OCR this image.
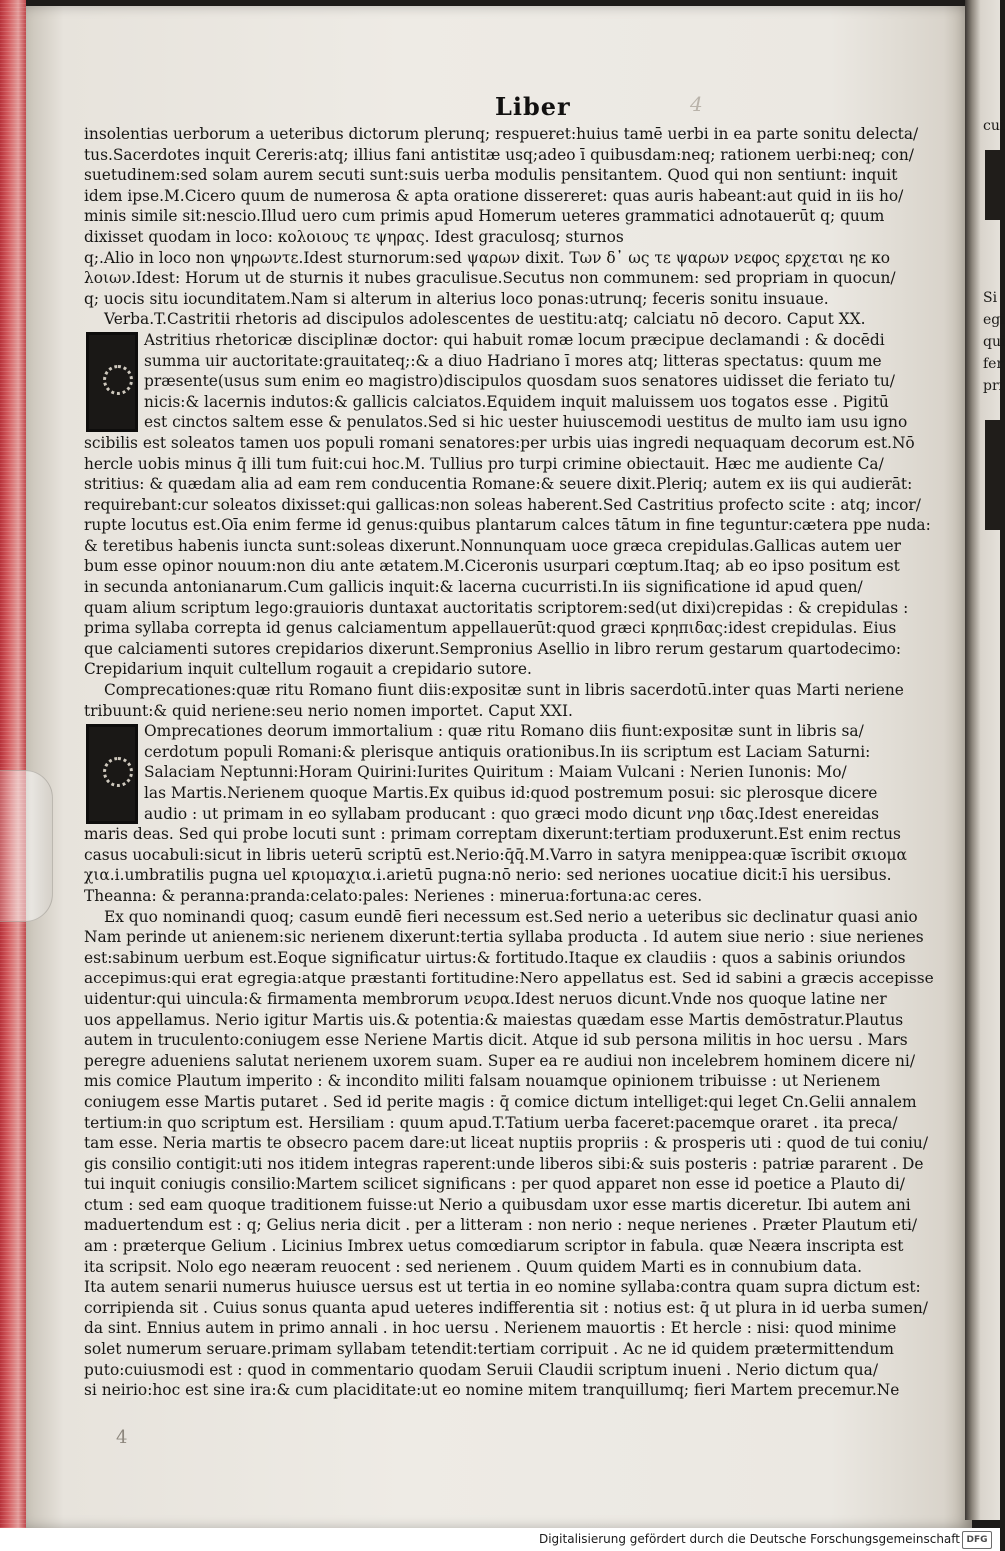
cui
Si
egi
qui
fer
pri
4
Liber
insolentias uerborum a ueteribus dictorum plerunq; respueret:huius tamē uerbi in ea parte sonitu delecta/
tus.Sacerdotes inquit Cereris:atq; illius fani antistitæ usq;adeo ī quibusdam:neq; rationem uerbi:neq; con/
suetudinem:sed solam aurem secuti sunt:suis uerba modulis pensitantem. Quod qui non sentiunt: inquit
idem ipse.M.Cicero quum de numerosa & apta oratione dissereret: quas auris habeant:aut quid in iis ho/
minis simile sit:nescio.Illud uero cum primis apud Homerum ueteres grammatici adnotauerūt q; quum
dixisset quodam in loco: κολοιους τε ψηρας. Idest graculosq; sturnos
q;.Alio in loco non ψηρωντε.Idest sturnorum:sed ψαρων dixit. Των δ᾽ ως τε ψαρων νεφος ερχεται ηε κο
λοιων.Idest: Horum ut de sturnis it nubes graculisue.Secutus non communem: sed propriam in quocun/
q; uocis situ iocunditatem.Nam si alterum in alterius loco ponas:utrunq; feceris sonitu insuaue.
Verba.T.Castritii rhetoris ad discipulos adolescentes de uestitu:atq; calciatu nō decoro. Caput XX.
Astritius rhetoricæ disciplinæ doctor: qui habuit romæ locum præcipue declamandi : & docēdi
summa uir auctoritate:grauitateq;:& a diuo Hadriano ī mores atq; litteras spectatus: quum me
præsente(usus sum enim eo magistro)discipulos quosdam suos senatores uidisset die feriato tu/
nicis:& lacernis indutos:& gallicis calciatos.Equidem inquit maluissem uos togatos esse . Pigitū
est cinctos saltem esse & penulatos.Sed si hic uester huiuscemodi uestitus de multo iam usu igno
scibilis est soleatos tamen uos populi romani senatores:per urbis uias ingredi nequaquam decorum est.Nō
hercle uobis minus q̄ illi tum fuit:cui hoc.M. Tullius pro turpi crimine obiectauit. Hæc me audiente Ca/
stritius: & quædam alia ad eam rem conducentia Romane:& seuere dixit.Pleriq; autem ex iis qui audierāt:
requirebant:cur soleatos dixisset:qui gallicas:non soleas haberent.Sed Castritius profecto scite : atq; incor/
rupte locutus est.Oīa enim ferme id genus:quibus plantarum calces tātum in fine teguntur:cætera ppe nuda:
& teretibus habenis iuncta sunt:soleas dixerunt.Nonnunquam uoce græca crepidulas.Gallicas autem uer
bum esse opinor nouum:non diu ante ætatem.M.Ciceronis usurpari cœptum.Itaq; ab eo ipso positum est
in secunda antonianarum.Cum gallicis inquit:& lacerna cucurristi.In iis significatione id apud quen/
quam alium scriptum lego:grauioris duntaxat auctoritatis scriptorem:sed(ut dixi)crepidas : & crepidulas :
prima syllaba correpta id genus calciamentum appellauerūt:quod græci κρηπιδας:idest crepidulas. Eius
que calciamenti sutores crepidarios dixerunt.Sempronius Asellio in libro rerum gestarum quartodecimo:
Crepidarium inquit cultellum rogauit a crepidario sutore.
Comprecationes:quæ ritu Romano fiunt diis:expositæ sunt in libris sacerdotū.inter quas Marti neriene
tribuunt:& quid neriene:seu nerio nomen importet. Caput XXI.
Omprecationes deorum immortalium : quæ ritu Romano diis fiunt:expositæ sunt in libris sa/
cerdotum populi Romani:& plerisque antiquis orationibus.In iis scriptum est Laciam Saturni:
Salaciam Neptunni:Horam Quirini:Iurites Quiritum : Maiam Vulcani : Nerien Iunonis: Mo/
las Martis.Nerienem quoque Martis.Ex quibus id:quod postremum posui: sic plerosque dicere
audio : ut primam in eo syllabam producant : quo græci modo dicunt νηρ ιδας.Idest enereidas
maris deas. Sed qui probe locuti sunt : primam correptam dixerunt:tertiam produxerunt.Est enim rectus
casus uocabuli:sicut in libris ueterū scriptū est.Nerio:q̄q̄.M.Varro in satyra menippea:quæ īscribit σκιομα
χια.i.umbratilis pugna uel κριομαχια.i.arietū pugna:nō nerio: sed neriones uocatiue dicit:ī his uersibus.
Theanna: & peranna:pranda:celato:pales: Nerienes : minerua:fortuna:ac ceres.
Ex quo nominandi quoq; casum eundē fieri necessum est.Sed nerio a ueteribus sic declinatur quasi anio
Nam perinde ut anienem:sic nerienem dixerunt:tertia syllaba producta . Id autem siue nerio : siue nerienes
est:sabinum uerbum est.Eoque significatur uirtus:& fortitudo.Itaque ex claudiis : quos a sabinis oriundos
accepimus:qui erat egregia:atque præstanti fortitudine:Nero appellatus est. Sed id sabini a græcis accepisse
uidentur:qui uincula:& firmamenta membrorum νευρα.Idest neruos dicunt.Vnde nos quoque latine ner
uos appellamus. Nerio igitur Martis uis.& potentia:& maiestas quædam esse Martis demōstratur.Plautus
autem in truculento:coniugem esse Neriene Martis dicit. Atque id sub persona militis in hoc uersu . Mars
peregre adueniens salutat nerienem uxorem suam. Super ea re audiui non incelebrem hominem dicere ni/
mis comice Plautum imperito : & incondito militi falsam nouamque opinionem tribuisse : ut Nerienem
coniugem esse Martis putaret . Sed id perite magis : q̄ comice dictum intelliget:qui leget Cn.Gelii annalem
tertium:in quo scriptum est. Hersiliam : quum apud.T.Tatium uerba faceret:pacemque oraret . ita preca/
tam esse. Neria martis te obsecro pacem dare:ut liceat nuptiis propriis : & prosperis uti : quod de tui coniu/
gis consilio contigit:uti nos itidem integras raperent:unde liberos sibi:& suis posteris : patriæ pararent . De
tui inquit coniugis consilio:Martem scilicet significans : per quod apparet non esse id poetice a Plauto di/
ctum : sed eam quoque traditionem fuisse:ut Nerio a quibusdam uxor esse martis diceretur. Ibi autem ani
maduertendum est : q; Gelius neria dicit . per a litteram : non nerio : neque nerienes . Præter Plautum eti/
am : præterque Gelium . Licinius Imbrex uetus comœdiarum scriptor in fabula. quæ Neæra inscripta est
ita scripsit. Nolo ego neæram reuocent : sed nerienem . Quum quidem Marti es in connubium data.
Ita autem senarii numerus huiusce uersus est ut tertia in eo nomine syllaba:contra quam supra dictum est:
corripienda sit . Cuius sonus quanta apud ueteres indifferentia sit : notius est: q̄ ut plura in id uerba sumen/
da sint. Ennius autem in primo annali . in hoc uersu . Nerienem mauortis : Et hercle : nisi: quod minime
solet numerum seruare.primam syllabam tetendit:tertiam corripuit . Ac ne id quidem prætermittendum
puto:cuiusmodi est : quod in commentario quodam Seruii Claudii scriptum inueni . Nerio dictum qua/
si neirio:hoc est sine ira:& cum placiditate:ut eo nomine mitem tranquillumq; fieri Martem precemur.Ne
4
Digitalisierung gefördert durch die Deutsche Forschungsgemeinschaft DFG
